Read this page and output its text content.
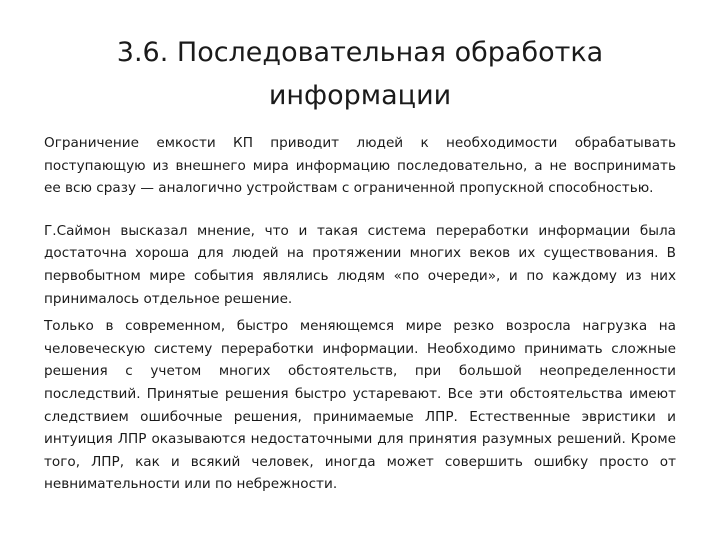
3.6. Последовательная обработка информации

Ограничение емкости КП приводит людей к необходимости обрабатывать поступающую из внешнего мира информацию последовательно, а не воспринимать ее всю сразу — аналогично устройствам с ограниченной пропускной способностью.

Г.Саймон высказал мнение, что и такая система переработки информации была достаточна хороша для людей на протяжении многих веков их существования. В первобытном мире события являлись людям «по очереди», и по каждому из них принималось отдельное решение.

Только в современном, быстро меняющемся мире резко возросла нагрузка на человеческую систему переработки информации. Необходимо принимать сложные решения с учетом многих обстоятельств, при большой неопределенности последствий. Принятые решения быстро устаревают. Все эти обстоятельства имеют следствием ошибочные решения, принимаемые ЛПР. Естественные эвристики и интуиция ЛПР оказываются недостаточными для принятия разумных решений. Кроме того, ЛПР, как и всякий человек, иногда может совершить ошибку просто от невнимательности или по небрежности.
